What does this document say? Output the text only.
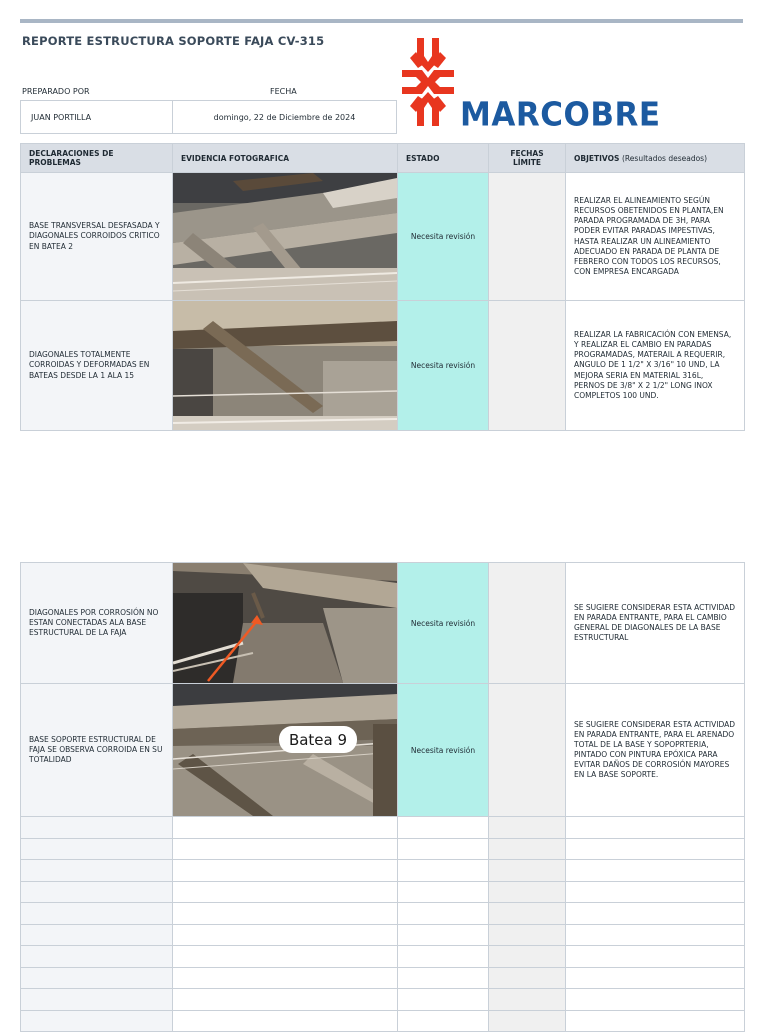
REPORTE ESTRUCTURA SOPORTE FAJA CV-315
PREPARADO POR	FECHA
JUAN PORTILLA	domingo, 22 de Diciembre de 2024	MARCOBRE
DECLARACIONES DE PROBLEMAS	EVIDENCIA FOTOGRAFICA	ESTADO	FECHAS LÍMITE	OBJETIVOS (Resultados deseados)
BASE TRANSVERSAL DESFASADA Y DIAGONALES CORROIDOS CRITICO EN BATEA 2		Necesita revisión		REALIZAR EL ALINEAMIENTO SEGÚN RECURSOS OBETENIDOS EN PLANTA,EN PARADA PROGRAMADA DE 3H, PARA PODER EVITAR PARADAS IMPESTIVAS, HASTA REALIZAR UN ALINEAMIENTO ADECUADO EN PARADA DE PLANTA DE FEBRERO CON TODOS LOS RECURSOS, CON EMPRESA ENCARGADA
DIAGONALES TOTALMENTE CORROIDAS Y DEFORMADAS EN BATEAS DESDE LA 1 ALA 15		Necesita revisión		REALIZAR LA FABRICACIÓN CON EMENSA, Y REALIZAR EL CAMBIO EN PARADAS PROGRAMADAS, MATERAIL A REQUERIR, ANGULO DE 1 1/2" X 3/16" 10 UND, LA MEJORA SERIA EN MATERIAL 316L, PERNOS DE 3/8" X 2 1/2" LONG INOX COMPLETOS 100 UND.
DIAGONALES POR CORROSIÓN NO ESTAN CONECTADAS ALA BASE ESTRUCTURAL DE LA FAJA		Necesita revisión		SE SUGIERE CONSIDERAR ESTA ACTIVIDAD EN PARADA ENTRANTE, PARA EL CAMBIO GENERAL DE DIAGONALES DE LA BASE ESTRUCTURAL
BASE SOPORTE ESTRUCTURAL DE FAJA SE OBSERVA CORROIDA EN SU TOTALIDAD	Batea 9	Necesita revisión		SE SUGIERE CONSIDERAR ESTA ACTIVIDAD EN PARADA ENTRANTE, PARA EL ARENADO TOTAL DE LA BASE Y SOPOPRTERIA, PINTADO CON PINTURA EPÓXICA PARA EVITAR DAÑOS DE CORROSIÓN MAYORES EN LA BASE SOPORTE.
